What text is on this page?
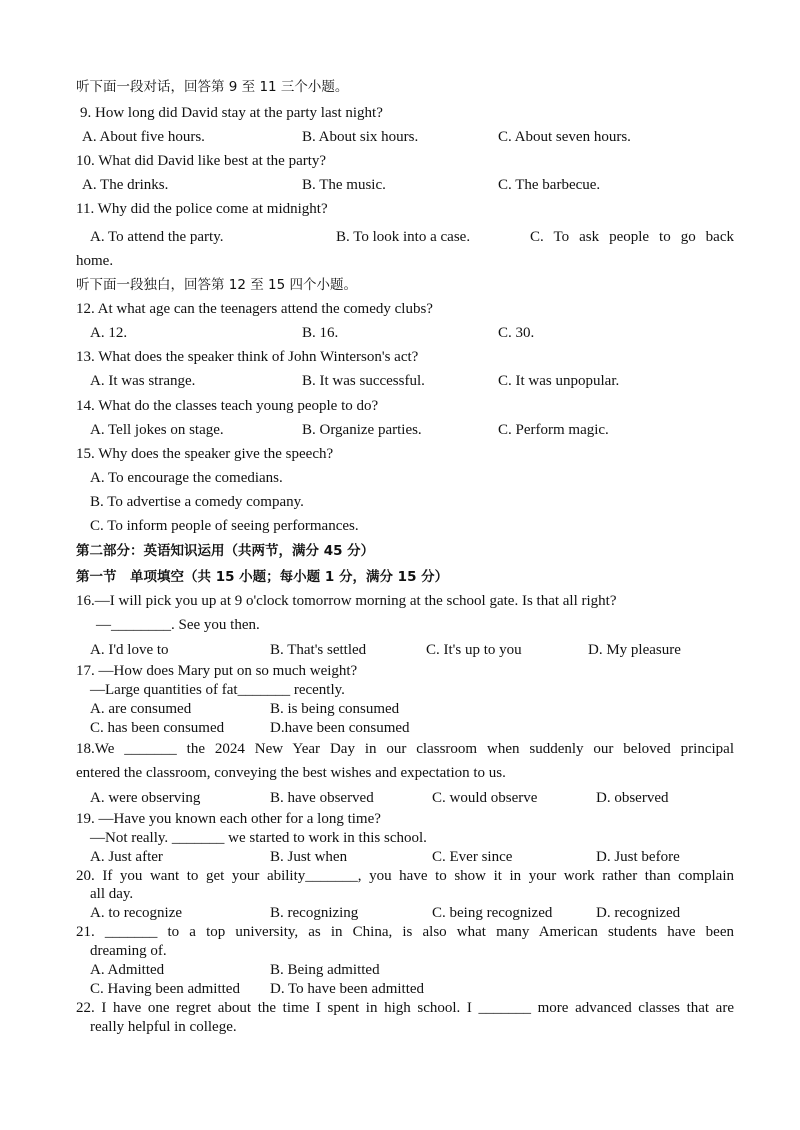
听下面一段对话，回答第 9 至 11 三个小题。
9. How long did David stay at the party last night?
A. About five hours.	B. About six hours.	C. About seven hours.
10. What did David like best at the party?
A. The drinks.	B. The music.	C. The barbecue.
11. Why did the police come at midnight?
A. To attend the party.	B. To look into a case.	C. To ask people to go back
home.
听下面一段独白，回答第 12 至 15 四个小题。
12. At what age can the teenagers attend the comedy clubs?
A. 12.	B. 16.	C. 30.
13. What does the speaker think of John Winterson's act?
A. It was strange.	B. It was successful.	C. It was unpopular.
14. What do the classes teach young people to do?
A. Tell jokes on stage.	B. Organize parties.	C. Perform magic.
15. Why does the speaker give the speech?
A. To encourage the comedians.
B. To advertise a comedy company.
C. To inform people of seeing performances.
第二部分：英语知识运用（共两节，满分 45 分）
第一节　单项填空（共 15 小题；每小题 1 分，满分 15 分）
16.—I will pick you up at 9 o'clock tomorrow morning at the school gate. Is that all right?
—________. See you then.
A. I'd love to	B. That's settled	C. It's up to you	D. My pleasure
17. —How does Mary put on so much weight?
—Large quantities of fat_______ recently.
A. are consumed	B. is being consumed
C. has been consumed	D.have been consumed
18.We _______ the 2024 New Year Day in our classroom when suddenly our beloved principal
entered the classroom, conveying the best wishes and expectation to us.
A. were observing	B. have observed	C. would observe	D. observed
19. —Have you known each other for a long time?
—Not really. _______ we started to work in this school.
A. Just after	B. Just when	C. Ever since	D. Just before
20. If you want to get your ability_______, you have to show it in your work rather than complain
all day.
A. to recognize	B. recognizing	C. being recognized	D. recognized
21. _______ to a top university, as in China, is also what many American students have been
dreaming of.
A. Admitted	B. Being admitted
C. Having been admitted D. To have been admitted
22. I have one regret about the time I spent in high school. I _______ more advanced classes that are
really helpful in college.
